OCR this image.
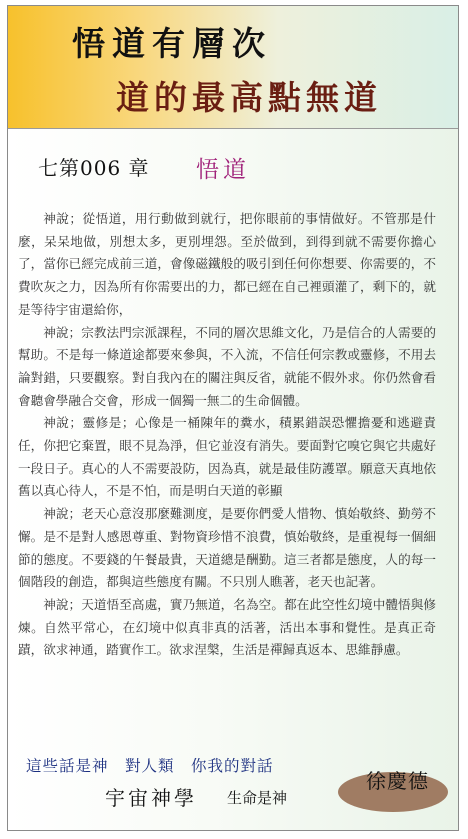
悟道有層次
道的最高點無道
七第006 章 悟道

神說；從悟道，用行動做到就行，把你眼前的事情做好。不管那是什麼，呆呆地做，別想太多，更別埋怨。至於做到，到得到就不需要你擔心了，當你已經完成前三道，會像磁鐵般的吸引到任何你想要、你需要的，不費吹灰之力，因為所有你需要出的力，都已經在自己裡頭灌了，剩下的，就是等待宇宙還給你，

神說；宗教法門宗派課程，不同的層次思維文化，乃是信合的人需要的幫助。不是每一條道途都要來參與，不入流，不信任何宗教或靈修，不用去論對錯，只要觀察。對自我內在的關注與反省，就能不假外求。你仍然會看會聽會學融合交會，形成一個獨一無二的生命個體。

神說；靈修是；心像是一桶陳年的糞水，積累錯誤恐懼擔憂和逃避責任，你把它棄置，眼不見為淨，但它並沒有消失。要面對它嗅它與它共處好一段日子。真心的人不需要設防，因為真，就是最佳防護罩。願意天真地依舊以真心待人，不是不怕，而是明白天道的彰顯

神說；老天心意沒那麼難測度，是要你們愛人惜物、慎始敬終、勤勞不懈。是不是對人感恩尊重、對物資珍惜不浪費，慎始敬終，是重視每一個細節的態度。不要錢的午餐最貴，天道總是酬勤。這三者都是態度，人的每一個階段的創造，都與這些態度有關。不只別人瞧著，老天也記著。

神說；天道悟至高處，實乃無道，名為空。都在此空性幻境中體悟與修煉。自然平常心，在幻境中似真非真的活著，活出本事和覺性。是真正奇蹟，欲求神通，踏實作工。欲求涅槃，生活是禪歸真返本、思維靜慮。

這些話是神　對人類　你我的對話
宇宙神學 生命是神
徐慶德
